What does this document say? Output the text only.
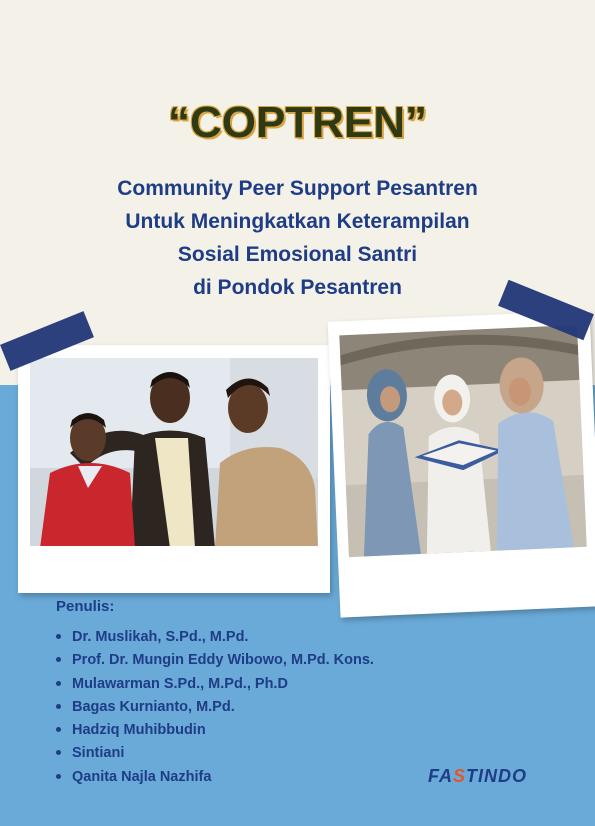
“COPTREN”
Community Peer Support Pesantren
Untuk Meningkatkan Keterampilan
Sosial Emosional Santri
di Pondok Pesantren
Penulis:
Dr. Muslikah, S.Pd., M.Pd.
Prof. Dr. Mungin Eddy Wibowo, M.Pd. Kons.
Mulawarman S.Pd., M.Pd., Ph.D
Bagas Kurnianto, M.Pd.
Hadziq Muhibbudin
Sintiani
Qanita Najla Nazhifa	FASTINDO
